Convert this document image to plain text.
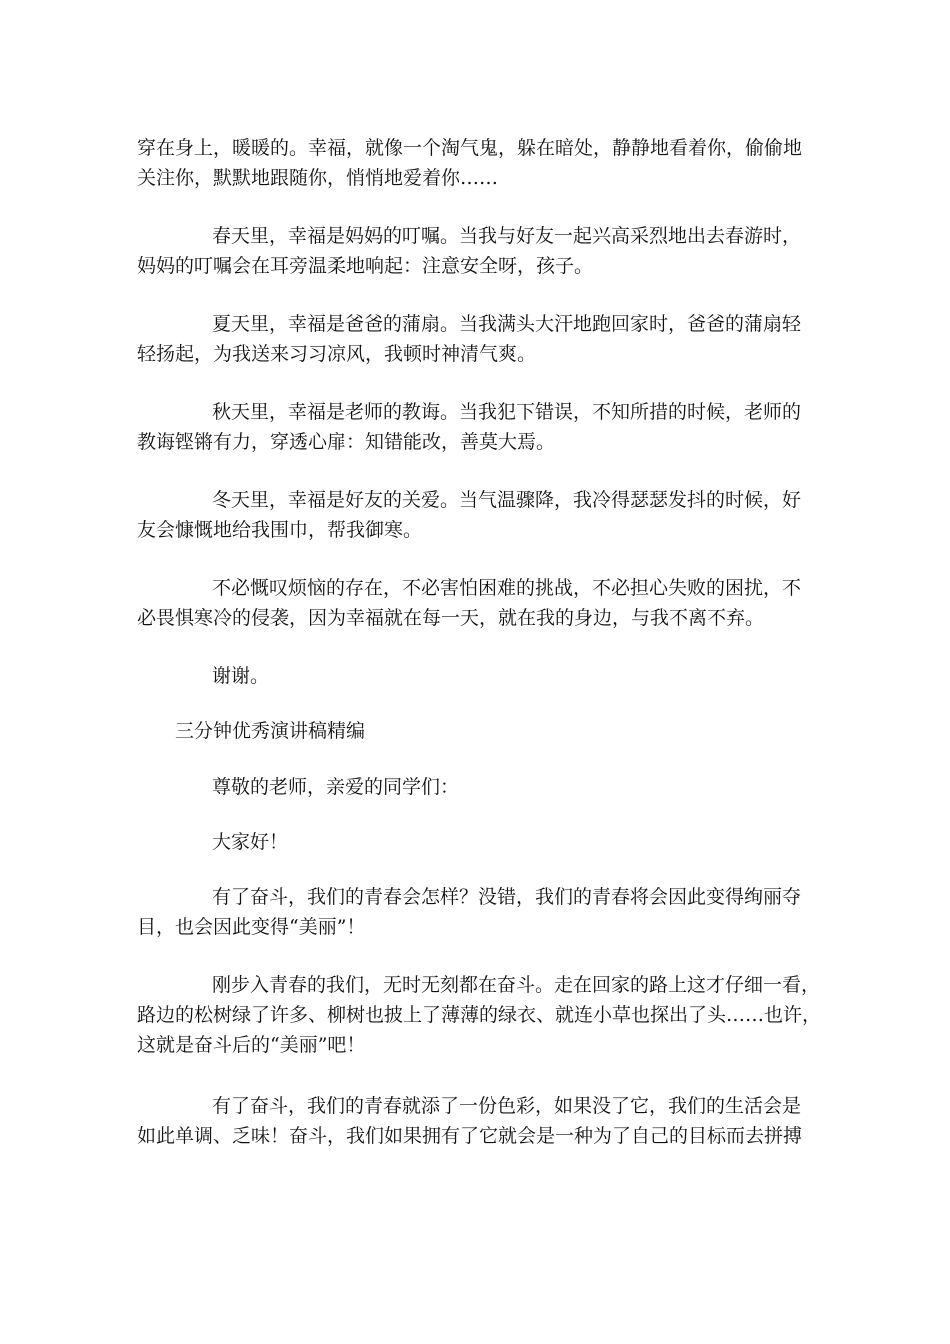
穿在身上，暖暖的。幸福，就像一个淘气鬼，躲在暗处，静静地看着你，偷偷地
关注你，默默地跟随你，悄悄地爱着你……

春天里，幸福是妈妈的叮嘱。当我与好友一起兴高采烈地出去春游时，
妈妈的叮嘱会在耳旁温柔地响起：注意安全呀，孩子。

夏天里，幸福是爸爸的蒲扇。当我满头大汗地跑回家时，爸爸的蒲扇轻
轻扬起，为我送来习习凉风，我顿时神清气爽。

秋天里，幸福是老师的教诲。当我犯下错误，不知所措的时候，老师的
教诲铿锵有力，穿透心扉：知错能改，善莫大焉。

冬天里，幸福是好友的关爱。当气温骤降，我冷得瑟瑟发抖的时候，好
友会慷慨地给我围巾，帮我御寒。

不必慨叹烦恼的存在，不必害怕困难的挑战，不必担心失败的困扰，不
必畏惧寒冷的侵袭，因为幸福就在每一天，就在我的身边，与我不离不弃。

谢谢。

三分钟优秀演讲稿精编

尊敬的老师，亲爱的同学们：

大家好！

有了奋斗，我们的青春会怎样？没错，我们的青春将会因此变得绚丽夺
目，也会因此变得“美丽”！

刚步入青春的我们，无时无刻都在奋斗。走在回家的路上这才仔细一看，
路边的松树绿了许多、柳树也披上了薄薄的绿衣、就连小草也探出了头……也许，
这就是奋斗后的“美丽”吧！

有了奋斗，我们的青春就添了一份色彩，如果没了它，我们的生活会是
如此单调、乏味！奋斗，我们如果拥有了它就会是一种为了自己的目标而去拼搏
